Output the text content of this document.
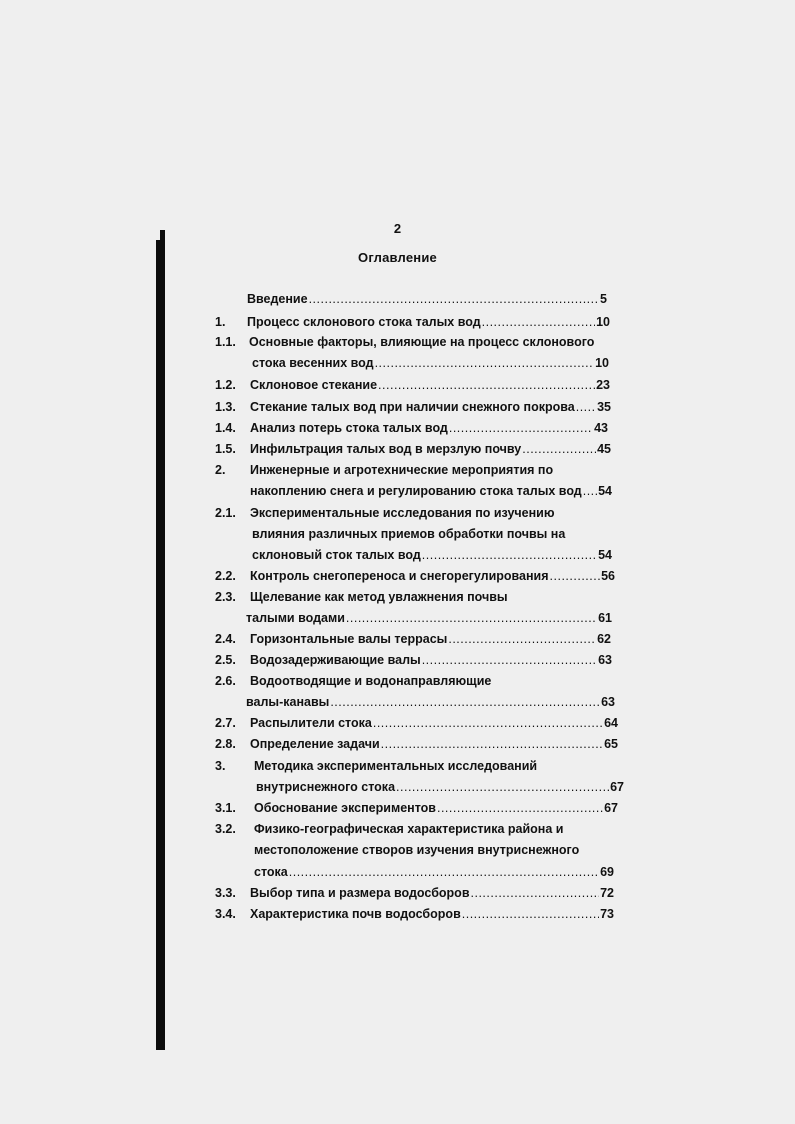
2
Оглавление
Введение .....	5
1. Процесс склонового стока талых вод .....	10
1.1. Основные факторы, влияющие на процесс склонового
стока весенних вод .....	10
1.2. Склоновое стекание .....	23
1.3. Стекание талых вод при наличии снежного покрова ..... 35
1.4. Анализ потерь стока талых вод .....	43
1.5. Инфильтрация талых вод в мерзлую почву .....	45
2. Инженерные и агротехнические мероприятия по
накоплению снега и регулированию стока талых вод ..... 54
2.1. Экспериментальные исследования по изучению
влияния различных приемов обработки почвы на
склоновый сток талых вод .....	54
2.2. Контроль снегопереноса и снегорегулирования .....	56
2.3. Щелевание как метод увлажнения почвы
талыми водами .....	61
2.4. Горизонтальные валы террасы .....	62
2.5. Водозадерживающие валы .....	63
2.6. Водоотводящие и водонаправляющие
валы-канавы .....	63
2.7. Распылители стока .....	64
2.8. Определение задачи .....	65
3. Методика экспериментальных исследований
внутриснежного стока .....	67
3.1. Обоснование экспериментов .....	67
3.2. Физико-географическая характеристика района и
местоположение створов изучения внутриснежного
стока .....	69
3.3. Выбор типа и размера водосборов .....	72
3.4. Характеристика почв водосборов .....	73
